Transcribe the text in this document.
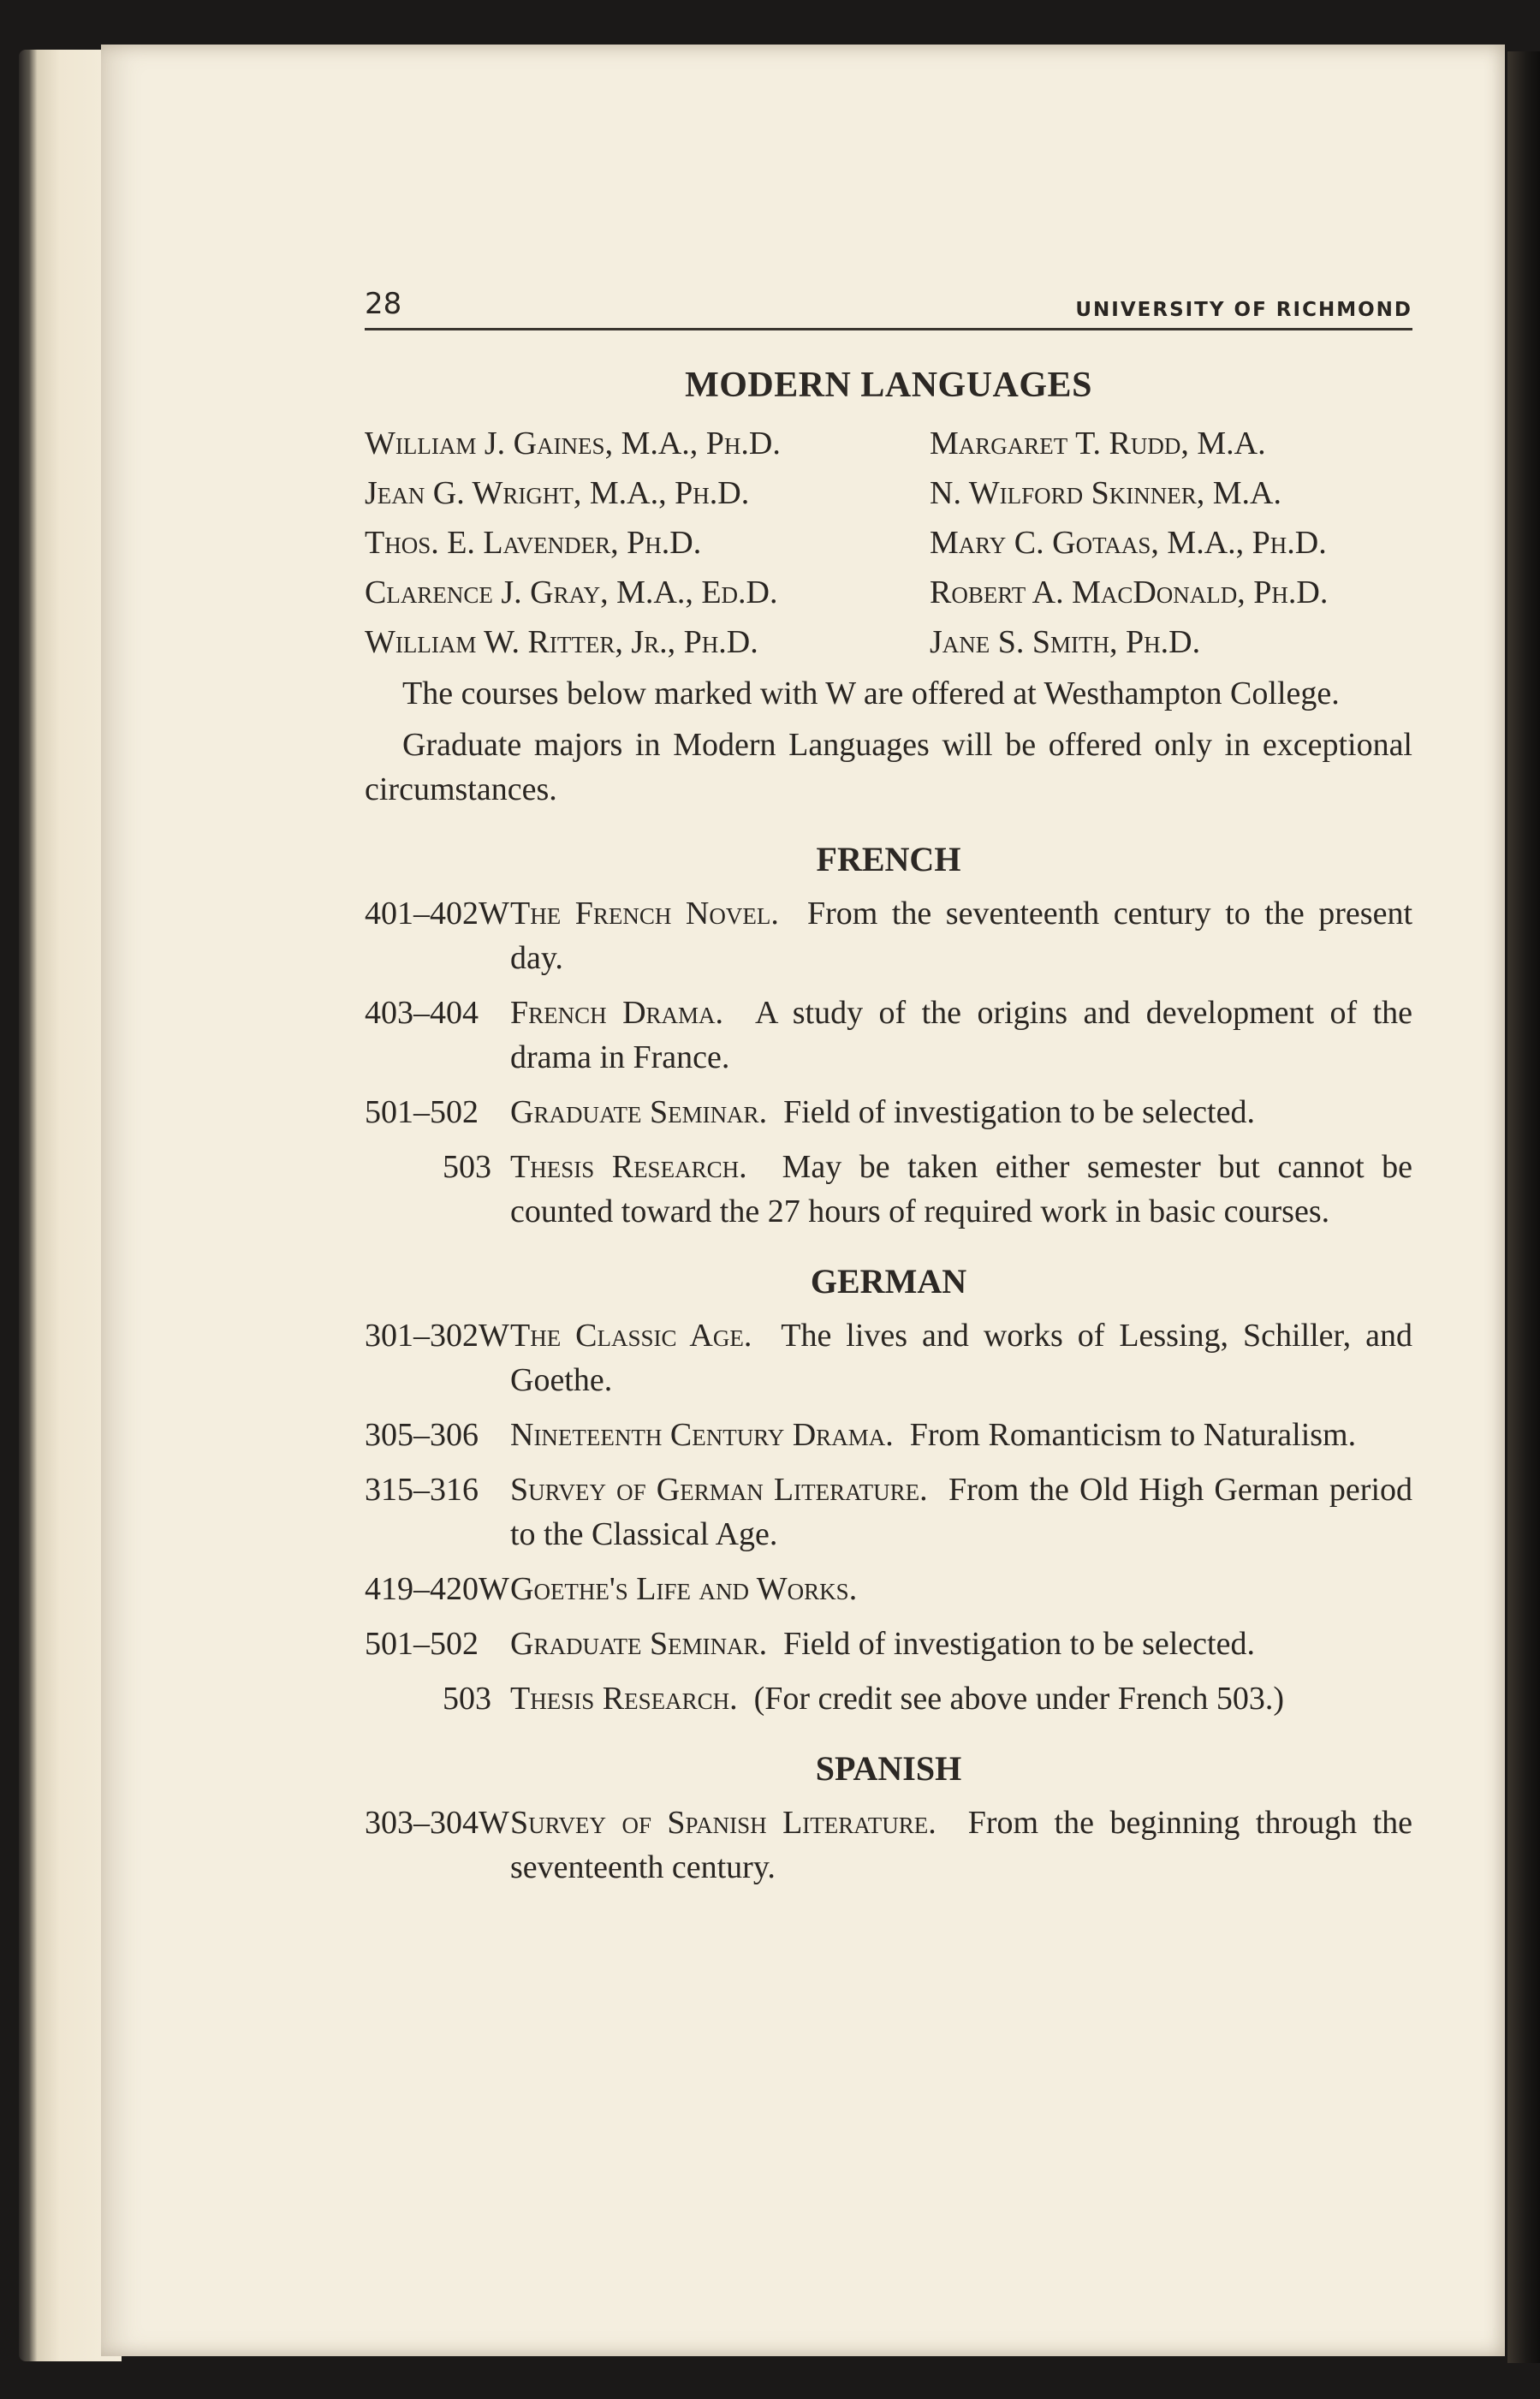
28	UNIVERSITY OF RICHMOND
MODERN LANGUAGES
William J. Gaines, M.A., Ph.D.	Margaret T. Rudd, M.A.
Jean G. Wright, M.A., Ph.D.	N. Wilford Skinner, M.A.
Thos. E. Lavender, Ph.D.	Mary C. Gotaas, M.A., Ph.D.
Clarence J. Gray, M.A., Ed.D.	Robert A. MacDonald, Ph.D.
William W. Ritter, Jr., Ph.D.	Jane S. Smith, Ph.D.

The courses below marked with W are offered at Westhampton College.

Graduate majors in Modern Languages will be offered only in exceptional circumstances.

FRENCH
401–402W The French Novel. From the seventeenth century to the present day.
403–404 French Drama. A study of the origins and development of the drama in France.
501–502 Graduate Seminar. Field of investigation to be selected.
503 Thesis Research. May be taken either semester but cannot be counted toward the 27 hours of required work in basic courses.
GERMAN
301–302W The Classic Age. The lives and works of Lessing, Schiller, and Goethe.
305–306 Nineteenth Century Drama. From Romanticism to Naturalism.
315–316 Survey of German Literature. From the Old High German period to the Classical Age.
419–420W Goethe's Life and Works.
501–502 Graduate Seminar. Field of investigation to be selected.
503 Thesis Research. (For credit see above under French 503.)
SPANISH
303–304W Survey of Spanish Literature. From the beginning through the seventeenth century.
